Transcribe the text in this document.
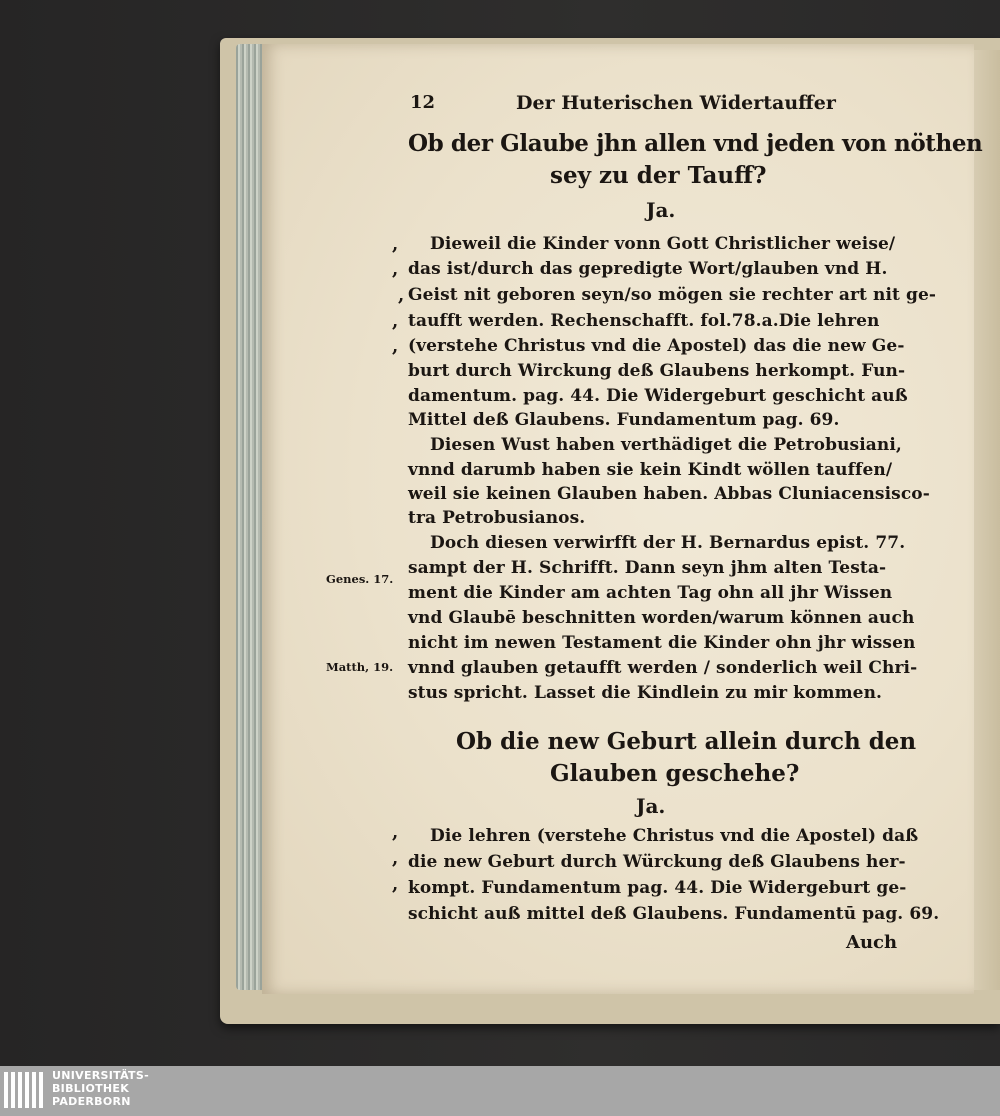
12	Der Huterischen Widertauffer
Ob der Glaube jhn allen vnd jeden von nöthen
sey zu der Tauff?
Ja.
Dieweil die Kinder vonn Gott Christlicher weise/
das ist/durch das gepredigte Wort/glauben vnd H.
Geist nit geboren seyn/so mögen sie rechter art nit ge-
taufft werden. Rechenschafft. fol.78.a.Die lehren
(verstehe Christus vnd die Apostel) das die new Ge-
burt durch Wirckung deß Glaubens herkompt. Fun-
damentum. pag. 44. Die Widergeburt geschicht auß
Mittel deß Glaubens. Fundamentum pag. 69.
Diesen Wust haben verthädiget die Petrobusiani,
vnnd darumb haben sie kein Kindt wöllen tauffen/
weil sie keinen Glauben haben. Abbas Cluniacensisco-
tra Petrobusianos.
Doch diesen verwirfft der H. Bernardus epist. 77.
sampt der H. Schrifft. Dann seyn jhm alten Testa-
ment die Kinder am achten Tag ohn all jhr Wissen
vnd Glaubē beschnitten worden/warum können auch
nicht im newen Testament die Kinder ohn jhr wissen
vnnd glauben getaufft werden / sonderlich weil Chri-
stus spricht. Lasset die Kindlein zu mir kommen.
Genes. 17.
Matth, 19.
,
,
,
,
,
,
,
,
Ob die new Geburt allein durch den
Glauben geschehe?
Ja.
Die lehren (verstehe Christus vnd die Apostel) daß
die new Geburt durch Würckung deß Glaubens her-
kompt. Fundamentum pag. 44. Die Widergeburt ge-
schicht auß mittel deß Glaubens. Fundamentū pag. 69.
Auch
UNIVERSITÄTS-
BIBLIOTHEK
PADERBORN
